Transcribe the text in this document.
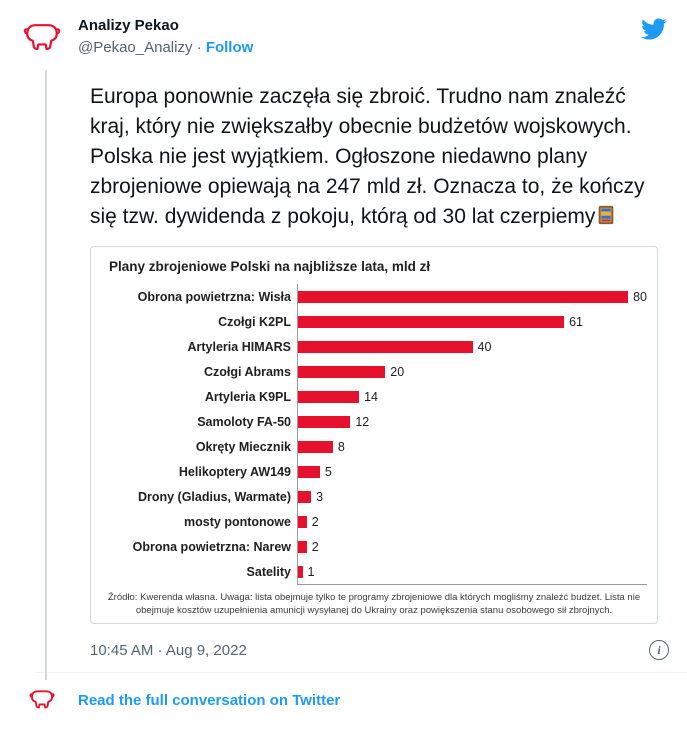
Analizy Pekao
@Pekao_Analizy · Follow
Europa ponownie zaczęła się zbroić. Trudno nam znaleźć kraj, który nie zwiększałby obecnie budżetów wojskowych. Polska nie jest wyjątkiem. Ogłoszone niedawno plany zbrojeniowe opiewają na 247 mld zł. Oznacza to, że kończy się tzw. dywidenda z pokoju, którą od 30 lat czerpiemy
Plany zbrojeniowe Polski na najbliższe lata, mld zł
Obrona powietrzna: Wisła	80
Czołgi K2PL	61
Artyleria HIMARS	40
Czołgi Abrams	20
Artyleria K9PL	14
Samoloty FA-50	12
Okręty Miecznik	8
Helikoptery AW149	5
Drony (Gladius, Warmate)	3
mosty pontonowe	2
Obrona powietrzna: Narew	2
Satelity	1
Źródło: Kwerenda własna. Uwaga: lista obejmuje tylko te programy zbrojeniowe dla których mogliśmy znaleźć budżet. Lista nie obejmuje kosztów uzupełnienia amunicji wysyłanej do Ukrainy oraz powiększenia stanu osobowego sił zbrojnych.
10:45 AM · Aug 9, 2022	i
Read the full conversation on Twitter
